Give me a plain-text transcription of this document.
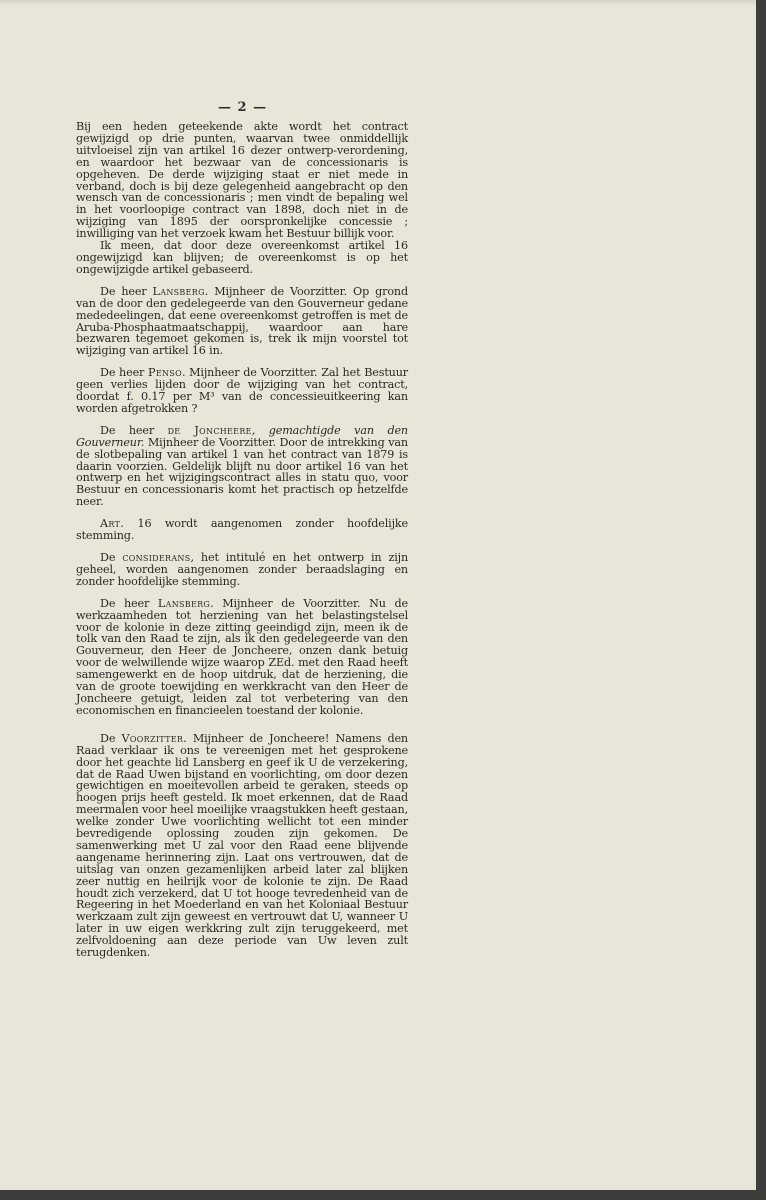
— 2 —

Bij een heden geteekende akte wordt het contract gewijzigd op drie punten, waarvan twee onmiddellijk uitvloeisel zijn van artikel 16 dezer ontwerp-verordening, en waardoor het bezwaar van de concessionaris is opgeheven. De derde wijziging staat er niet mede in verband, doch is bij deze gelegenheid aangebracht op den wensch van de concessionaris ; men vindt de bepaling wel in het voorloopige contract van 1898, doch niet in de wijziging van 1895 der oorspronkelijke concessie ; inwilliging van het verzoek kwam het Bestuur billijk voor.

Ik meen, dat door deze overeenkomst artikel 16 ongewijzigd kan blijven; de overeenkomst is op het ongewijzigde artikel gebaseerd.

De heer Lansberg. Mijnheer de Voorzitter. Op grond van de door den gedelegeerde van den Gouverneur gedane mededeelingen, dat eene overeenkomst getroffen is met de Aruba-Phosphaatmaatschappij, waardoor aan hare bezwaren tegemoet gekomen is, trek ik mijn voorstel tot wijziging van artikel 16 in.

De heer Penso. Mijnheer de Voorzitter. Zal het Bestuur geen verlies lijden door de wijziging van het contract, doordat f. 0.17 per M³ van de concessieuitkeering kan worden afgetrokken ?

De heer de Joncheere, gemachtigde van den Gouverneur. Mijnheer de Voorzitter. Door de intrekking van de slotbepaling van artikel 1 van het contract van 1879 is daarin voorzien. Geldelijk blijft nu door artikel 16 van het ontwerp en het wijzigingscontract alles in statu quo, voor Bestuur en concessionaris komt het practisch op hetzelfde neer.

Art. 16 wordt aangenomen zonder hoofdelijke stemming.

De considerans, het intitulé en het ontwerp in zijn geheel, worden aangenomen zonder beraadslaging en zonder hoofdelijke stemming.

De heer Lansberg. Mijnheer de Voorzitter. Nu de werkzaamheden tot herziening van het belastingstelsel voor de kolonie in deze zitting geeindigd zijn, meen ik de tolk van den Raad te zijn, als ik den gedelegeerde van den Gouverneur, den Heer de Joncheere, onzen dank betuig voor de welwillende wijze waarop ZEd. met den Raad heeft samengewerkt en de hoop uitdruk, dat de herziening, die van de groote toewijding en werkkracht van den Heer de Joncheere getuigt, leiden zal tot verbetering van den economischen en financieelen toestand der kolonie.

De Voorzitter. Mijnheer de Joncheere! Namens den Raad verklaar ik ons te vereenigen met het gesprokene door het geachte lid Lansberg en geef ik U de verzekering, dat de Raad Uwen bijstand en voorlichting, om door dezen gewichtigen en moeitevollen arbeid te geraken, steeds op hoogen prijs heeft gesteld. Ik moet erkennen, dat de Raad meermalen voor heel moeilijke vraagstukken heeft gestaan, welke zonder Uwe voorlichting wellicht tot een minder bevredigende oplossing zouden zijn gekomen. De samenwerking met U zal voor den Raad eene blijvende aangename herinnering zijn. Laat ons vertrouwen, dat de uitslag van onzen gezamenlijken arbeid later zal blijken zeer nuttig en heilrijk voor de kolonie te zijn. De Raad houdt zich verzekerd, dat U tot hooge tevredenheid van de Regeering in het Moederland en van het Koloniaal Bestuur werkzaam zult zijn geweest en vertrouwt dat U, wanneer U later in uw eigen werkkring zult zijn teruggekeerd, met zelfvoldoening aan deze periode van Uw leven zult terugdenken.
